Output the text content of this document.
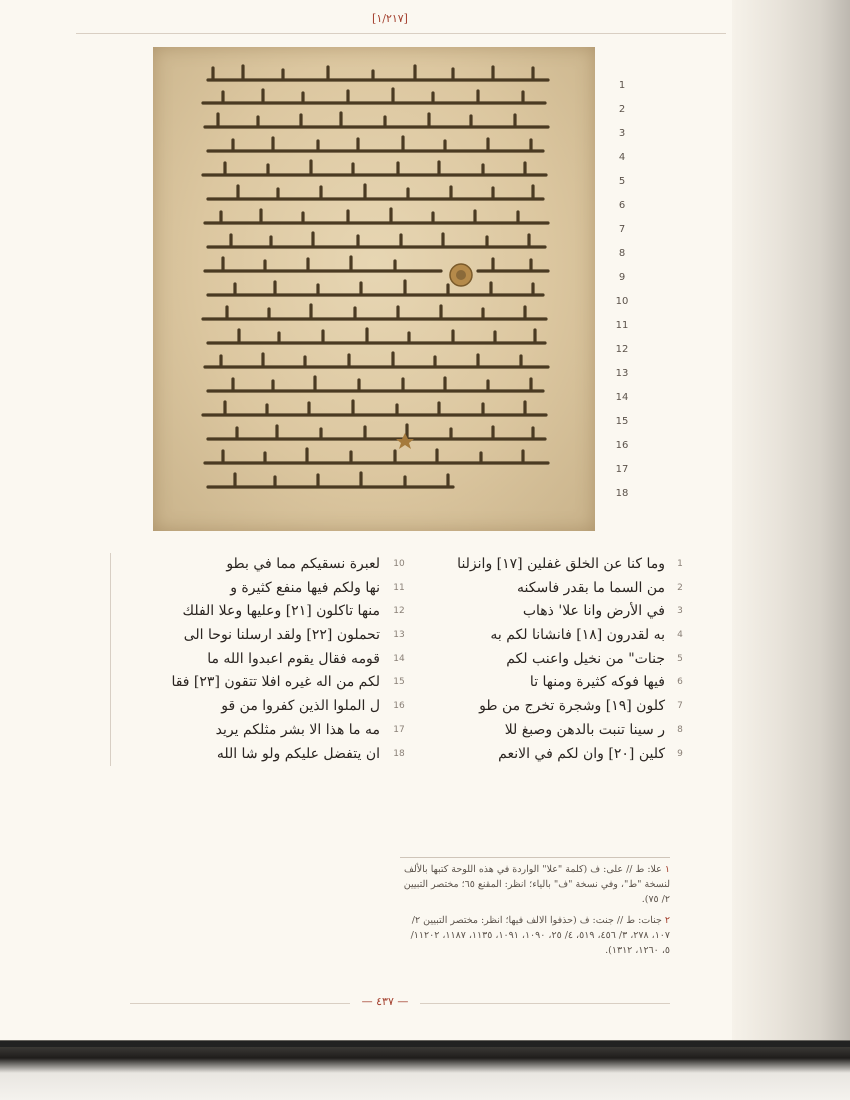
[١/٢١٧]
1
2
3
4
5
6
7
8
9
10
11
12
13
14
15
16
17
18
1
وما كنا عن الخلق غفلين [١٧] وانزلنا
2
من السما ما بقدر فاسكنه
3
في الأرض وانا علا' ذهاب
4
به لقدرون [١٨] فانشانا لكم به
5
جنات" من نخيل واعنب لكم
6
فيها فوكه كثيرة ومنها تا
7
كلون [١٩] وشجرة تخرج من طو
8
ر سينا تنبت بالدهن وصبغ للا
9
كلين [٢٠] وان لكم في الانعم
10
لعبرة نسقيكم مما في بطو
11
نها ولكم فيها منفع كثيرة و
12
منها تاكلون [٢١] وعليها وعلا الفلك
13
تحملون [٢٢] ولقد ارسلنا نوحا الى
14
قومه فقال يقوم اعبدوا الله ما
15
لكم من اله غيره افلا تتقون [٢٣] فقا
16
ل الملوا الذين كفروا من قو
17
مه ما هذا الا بشر مثلكم يريد
18
ان يتفضل عليكم ولو شا الله
١ علا: ط // على: ف (كلمة "علا" الواردة في هذه اللوحة كتبها بالألف لنسخة "ط"، وفي نسخة "ف" بالياء؛ انظر: المقنع ٦٥؛ مختصر التبيين ٢/ ٧٥).
٢ جنات: ط // جنت: ف (حذفوا الالف فيها؛ انظر: مختصر التبيين ٢/ ١٠٧، ٢٧٨، ٣/ ٤٥٦، ٥١٩، ٤/ ٢٥، ١٠٩٠، ١٠٩١، ١١٣٥، ١١٨٧، ١١٢٠٢/ ٥، ١٢٦٠، ١٣١٢).
— ٤٣٧ —
